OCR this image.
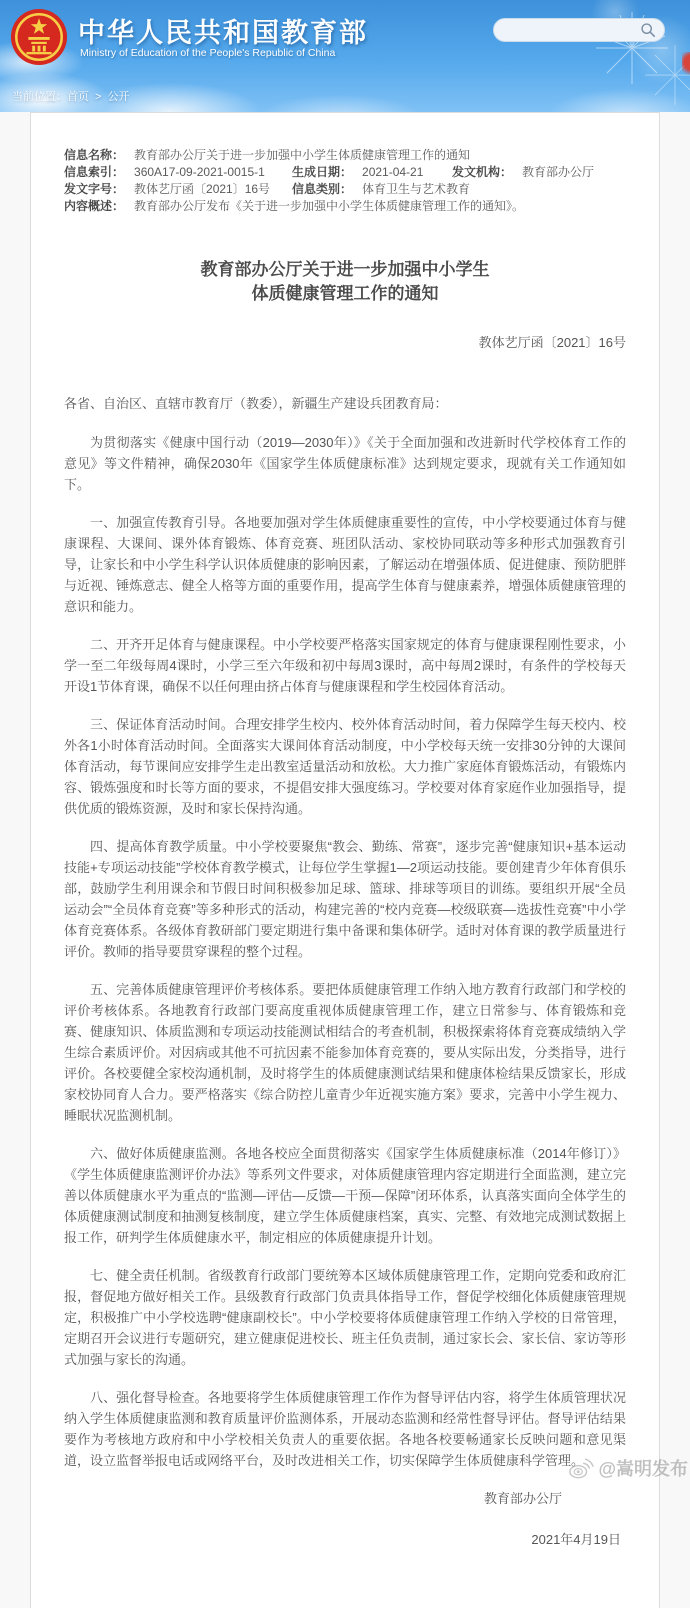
中华人民共和国教育部
Ministry of Education of the People's Republic of China
当前位置：首页 > 公开
信息名称： 教育部办公厅关于进一步加强中小学生体质健康管理工作的通知
信息索引： 360A17-09-2021-0015-1 生成日期： 2021-04-21 发文机构： 教育部办公厅
发文字号： 教体艺厅函〔2021〕16号 信息类别： 体育卫生与艺术教育
内容概述： 教育部办公厅发布《关于进一步加强中小学生体质健康管理工作的通知》。
教育部办公厅关于进一步加强中小学生
体质健康管理工作的通知
教体艺厅函〔2021〕16号

各省、自治区、直辖市教育厅（教委），新疆生产建设兵团教育局：

为贯彻落实《健康中国行动（2019—2030年）》《关于全面加强和改进新时代学校体育工作的意见》等文件精神，确保2030年《国家学生体质健康标准》达到规定要求，现就有关工作通知如下。

一、加强宣传教育引导。各地要加强对学生体质健康重要性的宣传，中小学校要通过体育与健康课程、大课间、课外体育锻炼、体育竞赛、班团队活动、家校协同联动等多种形式加强教育引导，让家长和中小学生科学认识体质健康的影响因素，了解运动在增强体质、促进健康、预防肥胖与近视、锤炼意志、健全人格等方面的重要作用，提高学生体育与健康素养，增强体质健康管理的意识和能力。

二、开齐开足体育与健康课程。中小学校要严格落实国家规定的体育与健康课程刚性要求，小学一至二年级每周4课时，小学三至六年级和初中每周3课时，高中每周2课时，有条件的学校每天开设1节体育课，确保不以任何理由挤占体育与健康课程和学生校园体育活动。

三、保证体育活动时间。合理安排学生校内、校外体育活动时间，着力保障学生每天校内、校外各1小时体育活动时间。全面落实大课间体育活动制度，中小学校每天统一安排30分钟的大课间体育活动，每节课间应安排学生走出教室适量活动和放松。大力推广家庭体育锻炼活动，有锻炼内容、锻炼强度和时长等方面的要求，不提倡安排大强度练习。学校要对体育家庭作业加强指导，提供优质的锻炼资源，及时和家长保持沟通。

四、提高体育教学质量。中小学校要聚焦“教会、勤练、常赛”，逐步完善“健康知识+基本运动技能+专项运动技能”学校体育教学模式，让每位学生掌握1—2项运动技能。要创建青少年体育俱乐部，鼓励学生利用课余和节假日时间积极参加足球、篮球、排球等项目的训练。要组织开展“全员运动会”“全员体育竞赛”等多种形式的活动，构建完善的“校内竞赛—校级联赛—选拔性竞赛”中小学体育竞赛体系。各级体育教研部门要定期进行集中备课和集体研学。适时对体育课的教学质量进行评价。教师的指导要贯穿课程的整个过程。

五、完善体质健康管理评价考核体系。要把体质健康管理工作纳入地方教育行政部门和学校的评价考核体系。各地教育行政部门要高度重视体质健康管理工作，建立日常参与、体育锻炼和竞赛、健康知识、体质监测和专项运动技能测试相结合的考查机制，积极探索将体育竞赛成绩纳入学生综合素质评价。对因病或其他不可抗因素不能参加体育竞赛的，要从实际出发，分类指导，进行评价。各校要健全家校沟通机制，及时将学生的体质健康测试结果和健康体检结果反馈家长，形成家校协同育人合力。要严格落实《综合防控儿童青少年近视实施方案》要求，完善中小学生视力、睡眠状况监测机制。

六、做好体质健康监测。各地各校应全面贯彻落实《国家学生体质健康标准（2014年修订）》《学生体质健康监测评价办法》等系列文件要求，对体质健康管理内容定期进行全面监测，建立完善以体质健康水平为重点的“监测—评估—反馈—干预—保障”闭环体系，认真落实面向全体学生的体质健康测试制度和抽测复核制度，建立学生体质健康档案，真实、完整、有效地完成测试数据上报工作，研判学生体质健康水平，制定相应的体质健康提升计划。

七、健全责任机制。省级教育行政部门要统筹本区域体质健康管理工作，定期向党委和政府汇报，督促地方做好相关工作。县级教育行政部门负责具体指导工作，督促学校细化体质健康管理规定，积极推广中小学校选聘“健康副校长”。中小学校要将体质健康管理工作纳入学校的日常管理，定期召开会议进行专题研究，建立健康促进校长、班主任负责制，通过家长会、家长信、家访等形式加强与家长的沟通。

八、强化督导检查。各地要将学生体质健康管理工作作为督导评估内容，将学生体质管理状况纳入学生体质健康监测和教育质量评价监测体系，开展动态监测和经常性督导评估。督导评估结果要作为考核地方政府和中小学校相关负责人的重要依据。各地各校要畅通家长反映问题和意见渠道，设立监督举报电话或网络平台，及时改进相关工作，切实保障学生体质健康科学管理。

教育部办公厅
2021年4月19日
@嵩明发布
